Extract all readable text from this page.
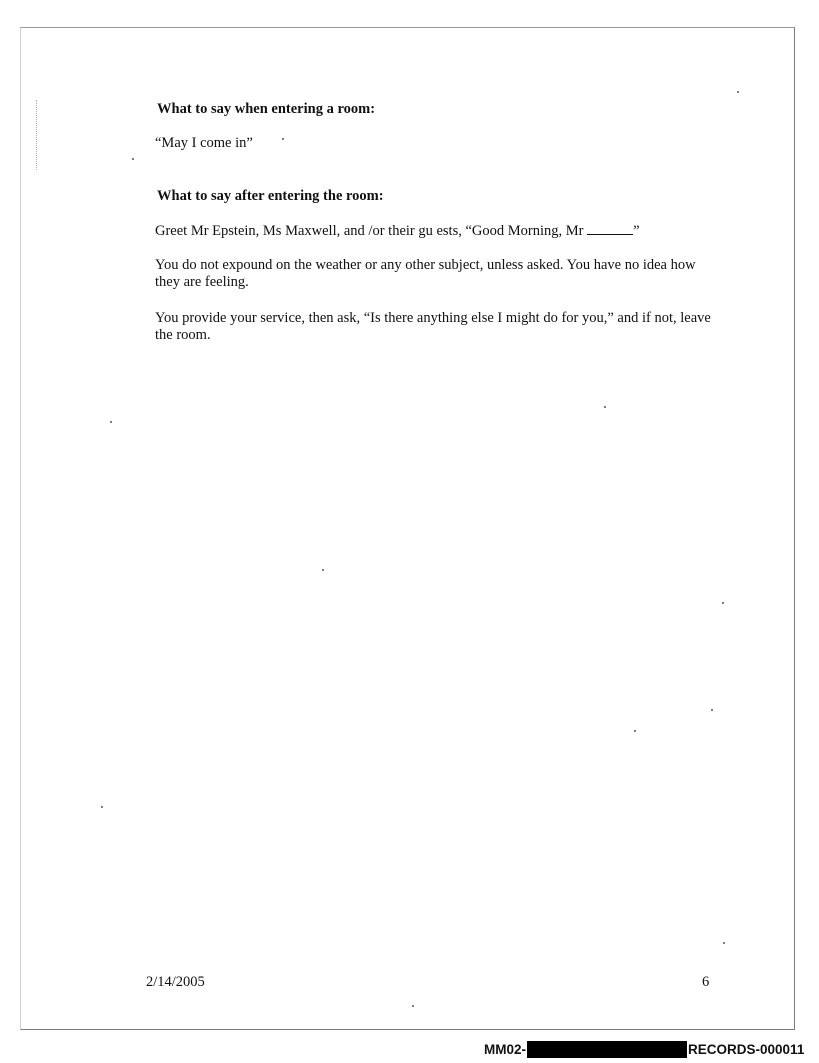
What to say when entering a room:

“May I come in”

What to say after entering the room:

Greet Mr Epstein, Ms Maxwell, and /or their gu ests, “Good Morning, Mr	”

You do not expound on the weather or any other subject, unless asked. You have no idea how they are feeling.

You provide your service, then ask, “Is there anything else I might do for you,” and if not, leave the room.

2/14/2005	6
MM02-	RECORDS-000011
